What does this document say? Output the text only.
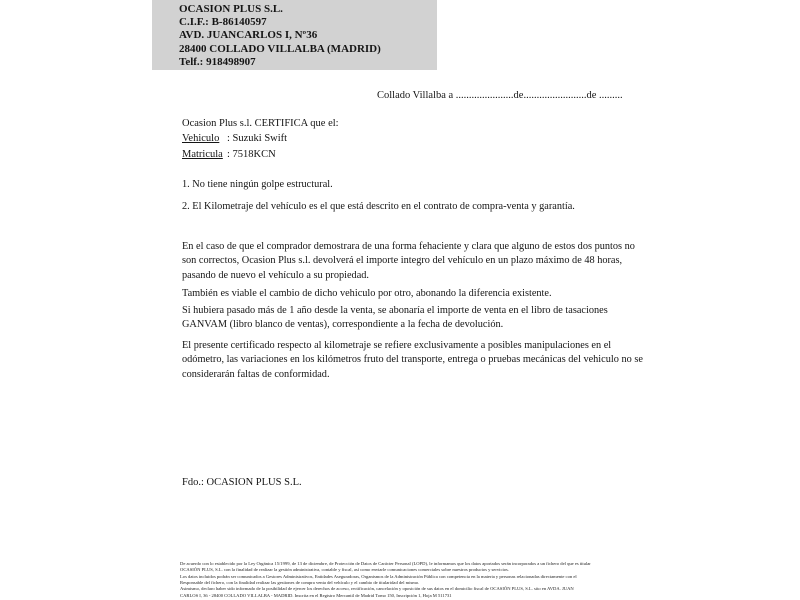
OCASION PLUS S.L.
C.I.F.: B-86140597
AVD. JUANCARLOS I, Nº36
28400 COLLADO VILLALBA (MADRID)
Telf.: 918498907
Collado Villalba a ......................de........................de .........
Ocasion Plus s.l. CERTIFICA que el:
Vehiculo : Suzuki Swift
Matricula : 7518KCN
1. No tiene ningún golpe estructural.
2. El Kilometraje del vehículo es el que está descrito en el contrato de compra-venta y garantía.
En el caso de que el comprador demostrara de una forma fehaciente y clara que alguno de estos dos puntos no son correctos, Ocasion Plus s.l. devolverá el importe integro del vehículo en un plazo máximo de 48 horas, pasando de nuevo el vehículo a su propiedad.
También es viable el cambio de dicho vehiculo por otro, abonando la diferencia existente.
Si hubiera pasado más de 1 año desde la venta, se abonaría el importe de venta en el libro de tasaciones GANVAM (libro blanco de ventas), correspondiente a la fecha de devolución.
El presente certificado respecto al kilometraje se refiere exclusivamente a posibles manipulaciones en el odómetro, las variaciones en los kilómetros fruto del transporte, entrega o pruebas mecánicas del vehiculo no se considerarán faltas de conformidad.
Fdo.: OCASION PLUS S.L.
De acuerdo con lo establecido por la Ley Orgánica 15/1999, de 13 de diciembre, de Protección de Datos de Carácter Personal (LOPD), le informamos que los datos aportados serán incorporados a un fichero del que es titular
OCASIÓN PLUS, S.L. con la finalidad de realizar la gestión administrativa, contable y fiscal, así como enviarle comunicaciones comerciales sobre nuestros productos y servicios.
Los datos incluidos podrán ser comunicados a Gestores Administrativos, Entidades Aseguradoras, Organismos de la Administración Pública con competencia en la materia y personas relacionadas directamente con el
Responsable del fichero, con la finalidad realizar las gestiones de compra venta del vehículo y el cambio de titularidad del mismo.
Asimismo, declaro haber sido informado de la posibilidad de ejercer los derechos de acceso, rectificación, cancelación y oposición de sus datos en el domicilio fiscal de OCASIÓN PLUS, S.L. sito en AVDA. JUAN
CARLOS I, 36 - 28400 COLLADO VILLALBA - MADRID. Inscrita en el Registro Mercantil de Madrid Tomo 150, Inscripción 1, Hoja M 511731
